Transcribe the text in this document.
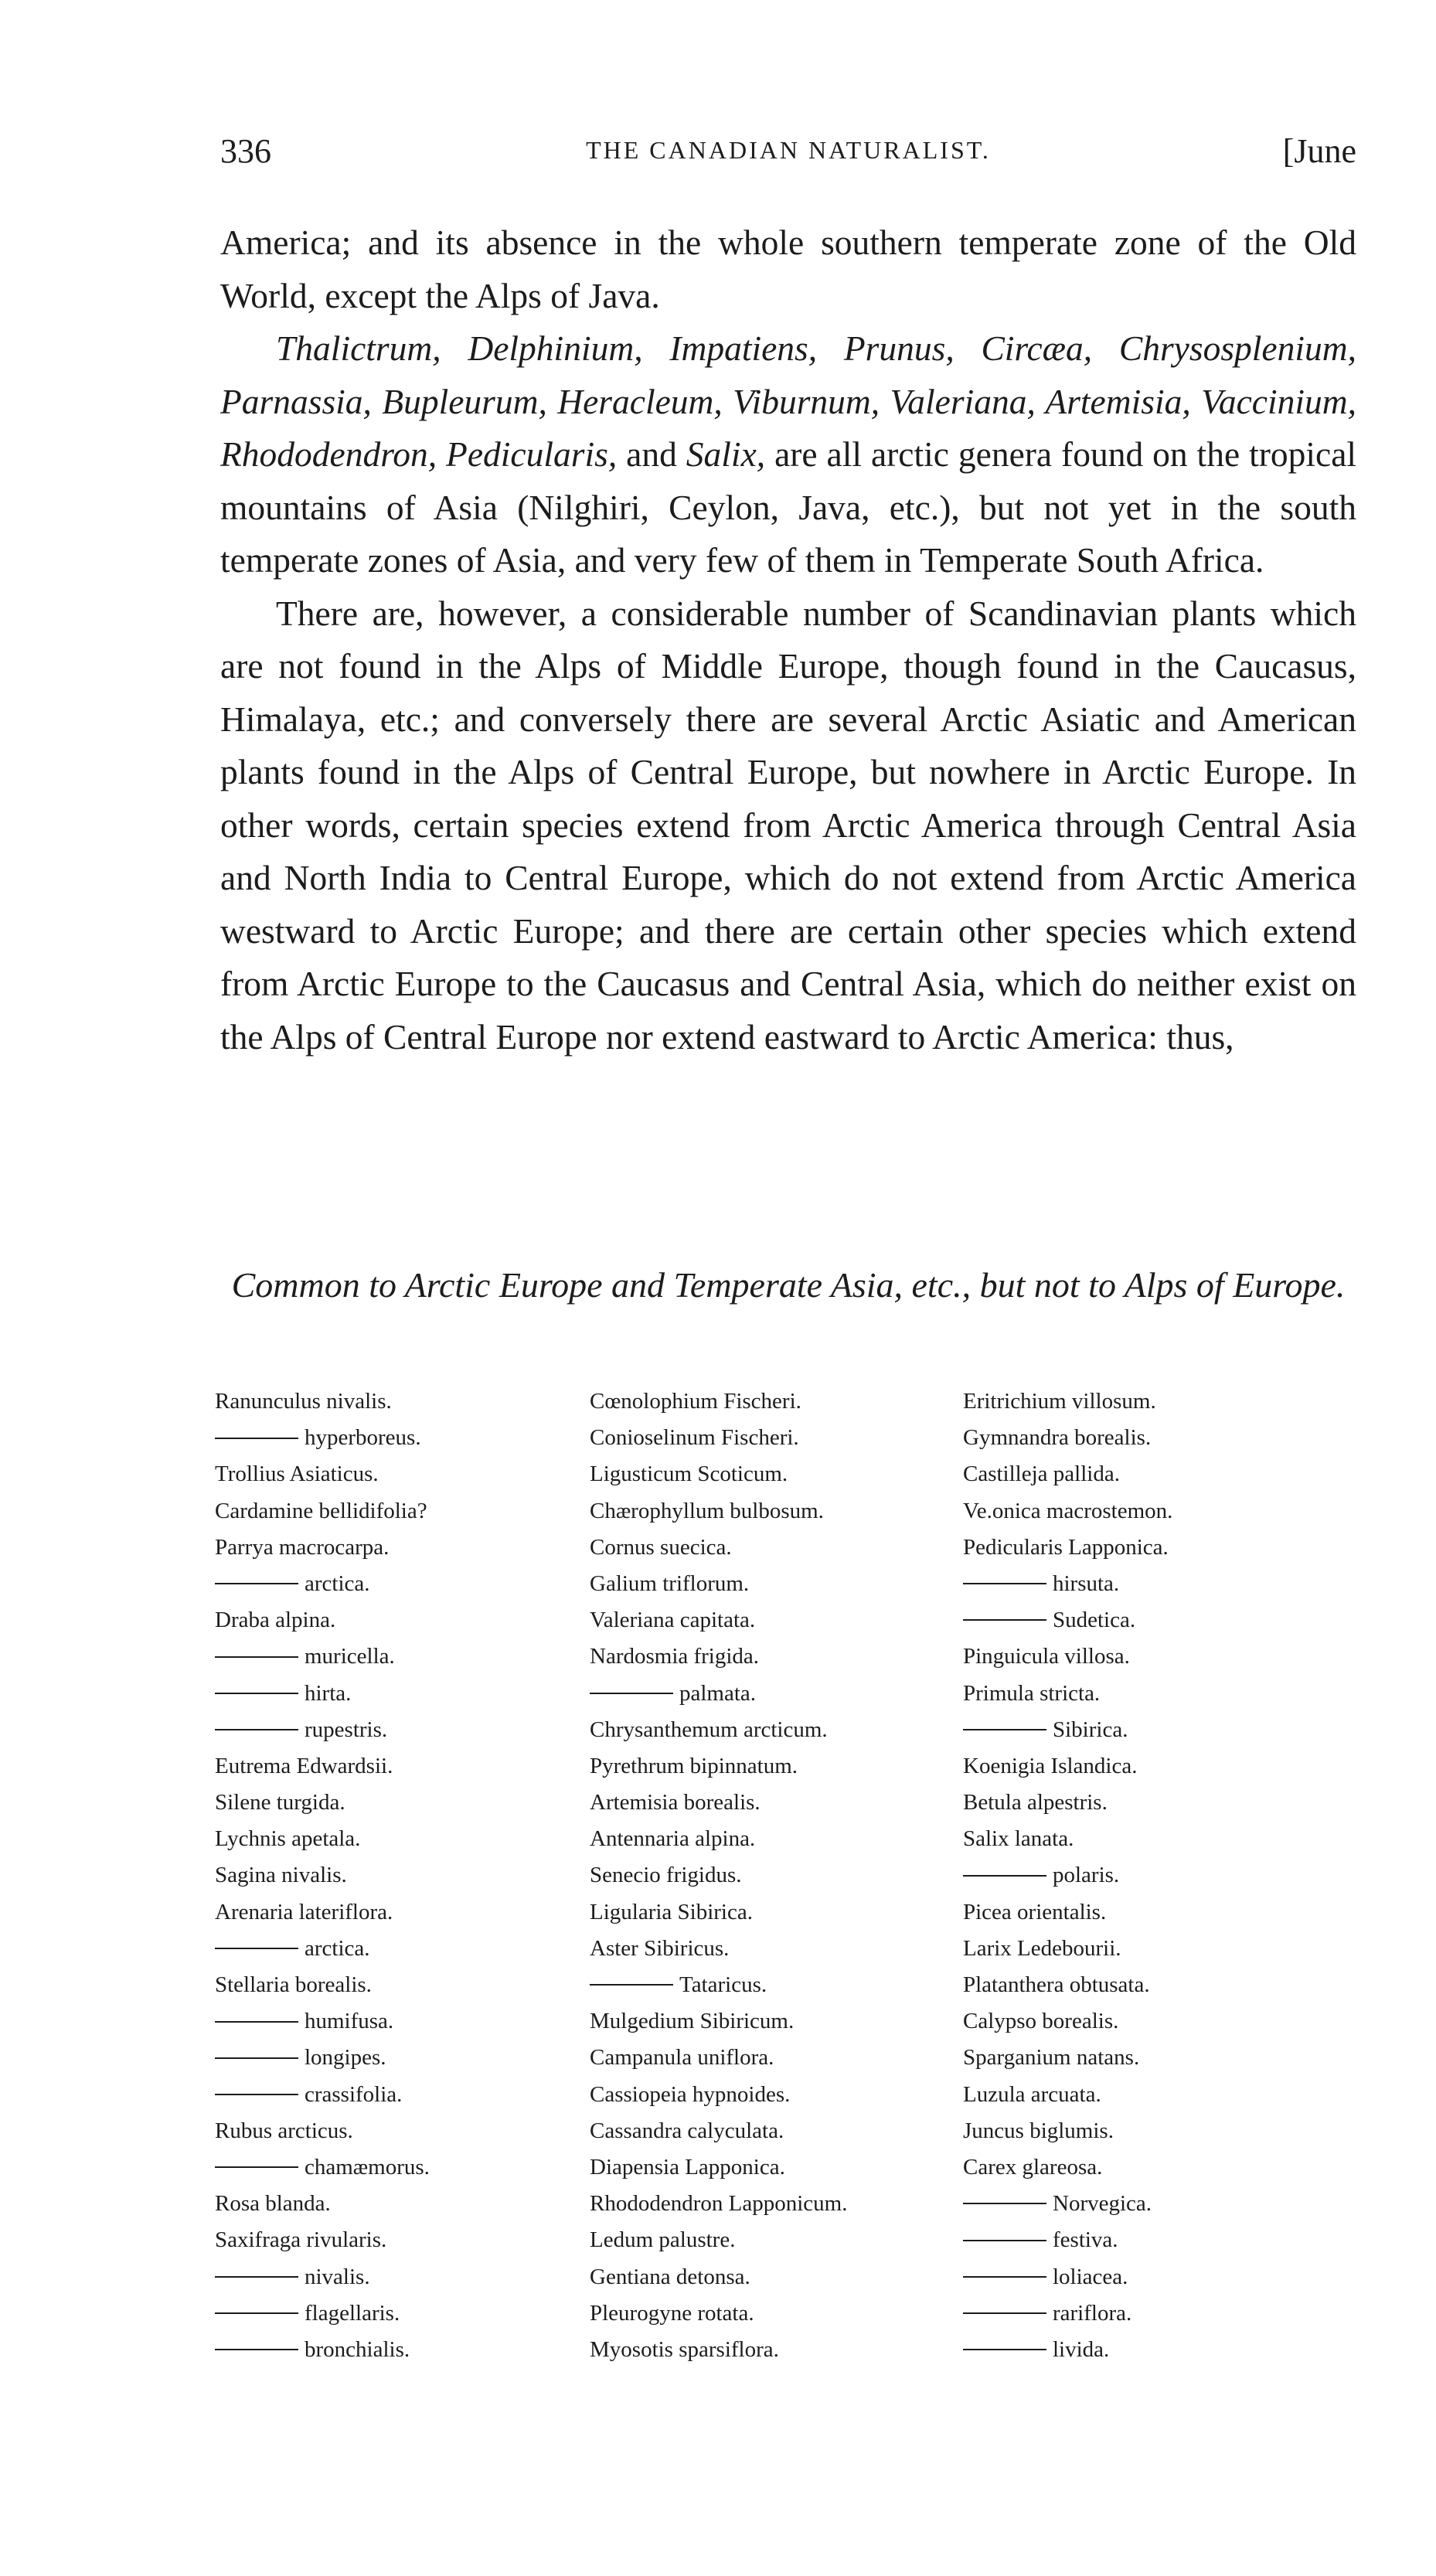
336	THE CANADIAN NATURALIST.	[June

America; and its absence in the whole southern temperate zone of the Old World, except the Alps of Java.

Thalictrum, Delphinium, Impatiens, Prunus, Circæa, Chrysosplenium, Parnassia, Bupleurum, Heracleum, Viburnum, Valeriana, Artemisia, Vaccinium, Rhododendron, Pedicularis, and Salix, are all arctic genera found on the tropical mountains of Asia (Nilghiri, Ceylon, Java, etc.), but not yet in the south temperate zones of Asia, and very few of them in Temperate South Africa.

There are, however, a considerable number of Scandinavian plants which are not found in the Alps of Middle Europe, though found in the Caucasus, Himalaya, etc.; and conversely there are several Arctic Asiatic and American plants found in the Alps of Central Europe, but nowhere in Arctic Europe. In other words, certain species extend from Arctic America through Central Asia and North India to Central Europe, which do not extend from Arctic America westward to Arctic Europe; and there are certain other species which extend from Arctic Europe to the Caucasus and Central Asia, which do neither exist on the Alps of Central Europe nor extend eastward to Arctic America: thus,

Common to Arctic Europe and Temperate Asia, etc., but not to Alps of Europe.
Ranunculus nivalis.
hyperboreus.
Trollius Asiaticus.
Cardamine bellidifolia?
Parrya macrocarpa.
arctica.
Draba alpina.
muricella.
hirta.
rupestris.
Eutrema Edwardsii.
Silene turgida.
Lychnis apetala.
Sagina nivalis.
Arenaria lateriflora.
arctica.
Stellaria borealis.
humifusa.
longipes.
crassifolia.
Rubus arcticus.
chamæmorus.
Rosa blanda.
Saxifraga rivularis.
nivalis.
flagellaris.
bronchialis.
Cœnolophium Fischeri.
Conioselinum Fischeri.
Ligusticum Scoticum.
Chærophyllum bulbosum.
Cornus suecica.
Galium triflorum.
Valeriana capitata.
Nardosmia frigida.
palmata.
Chrysanthemum arcticum.
Pyrethrum bipinnatum.
Artemisia borealis.
Antennaria alpina.
Senecio frigidus.
Ligularia Sibirica.
Aster Sibiricus.
Tataricus.
Mulgedium Sibiricum.
Campanula uniflora.
Cassiopeia hypnoides.
Cassandra calyculata.
Diapensia Lapponica.
Rhododendron Lapponicum.
Ledum palustre.
Gentiana detonsa.
Pleurogyne rotata.
Myosotis sparsiflora.
Eritrichium villosum.
Gymnandra borealis.
Castilleja pallida.
Ve.onica macrostemon.
Pedicularis Lapponica.
hirsuta.
Sudetica.
Pinguicula villosa.
Primula stricta.
Sibirica.
Koenigia Islandica.
Betula alpestris.
Salix lanata.
polaris.
Picea orientalis.
Larix Ledebourii.
Platanthera obtusata.
Calypso borealis.
Sparganium natans.
Luzula arcuata.
Juncus biglumis.
Carex glareosa.
Norvegica.
festiva.
loliacea.
rariflora.
livida.
